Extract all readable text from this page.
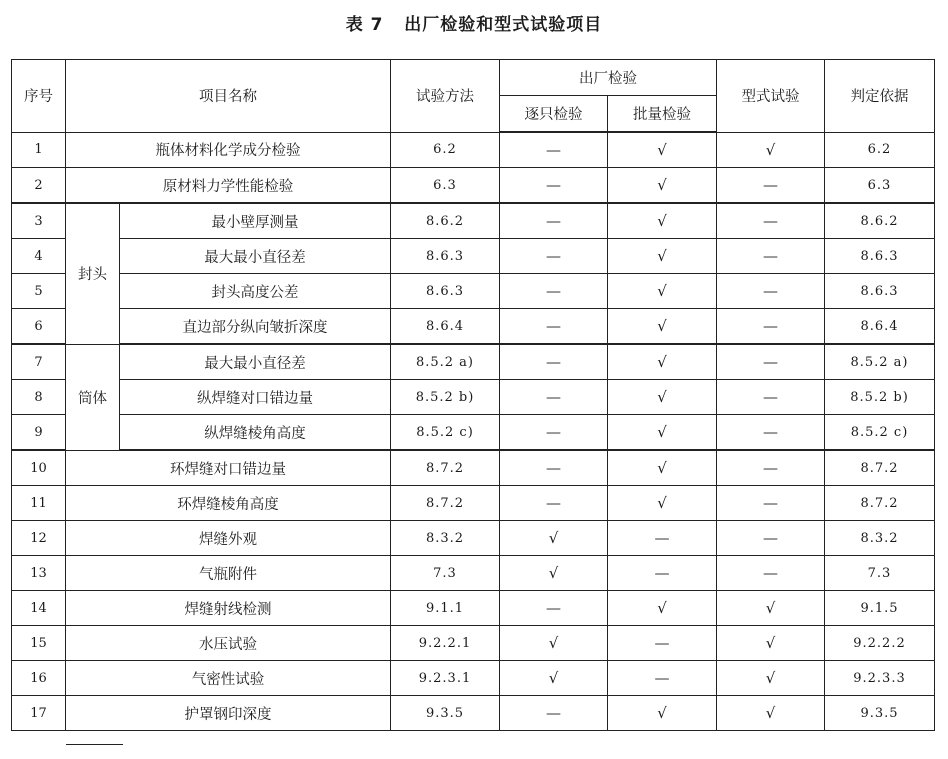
表 7   出厂检验和型式试验项目
序号	项目名称		试验方法	出厂检验		型式试验	判定依据
				逐只检验	批量检验		
1	瓶体材料化学成分检验		6.2	—	√	√	6.2
2	原材料力学性能检验		6.3	—	√	—	6.3
3	封头	最小壁厚测量	8.6.2	—	√	—	8.6.2
4		最大最小直径差	8.6.3	—	√	—	8.6.3
5		封头高度公差	8.6.3	—	√	—	8.6.3
6		直边部分纵向皱折深度	8.6.4	—	√	—	8.6.4
7	筒体	最大最小直径差	8.5.2 a)	—	√	—	8.5.2 a)
8		纵焊缝对口错边量	8.5.2 b)	—	√	—	8.5.2 b)
9		纵焊缝棱角高度	8.5.2 c)	—	√	—	8.5.2 c)
10	环焊缝对口错边量		8.7.2	—	√	—	8.7.2
11	环焊缝棱角高度		8.7.2	—	√	—	8.7.2
12	焊缝外观		8.3.2	√	—	—	8.3.2
13	气瓶附件		7.3	√	—	—	7.3
14	焊缝射线检测		9.1.1	—	√	√	9.1.5
15	水压试验		9.2.2.1	√	—	√	9.2.2.2
16	气密性试验		9.2.3.1	√	—	√	9.2.3.3
17	护罩钢印深度		9.3.5	—	√	√	9.3.5
